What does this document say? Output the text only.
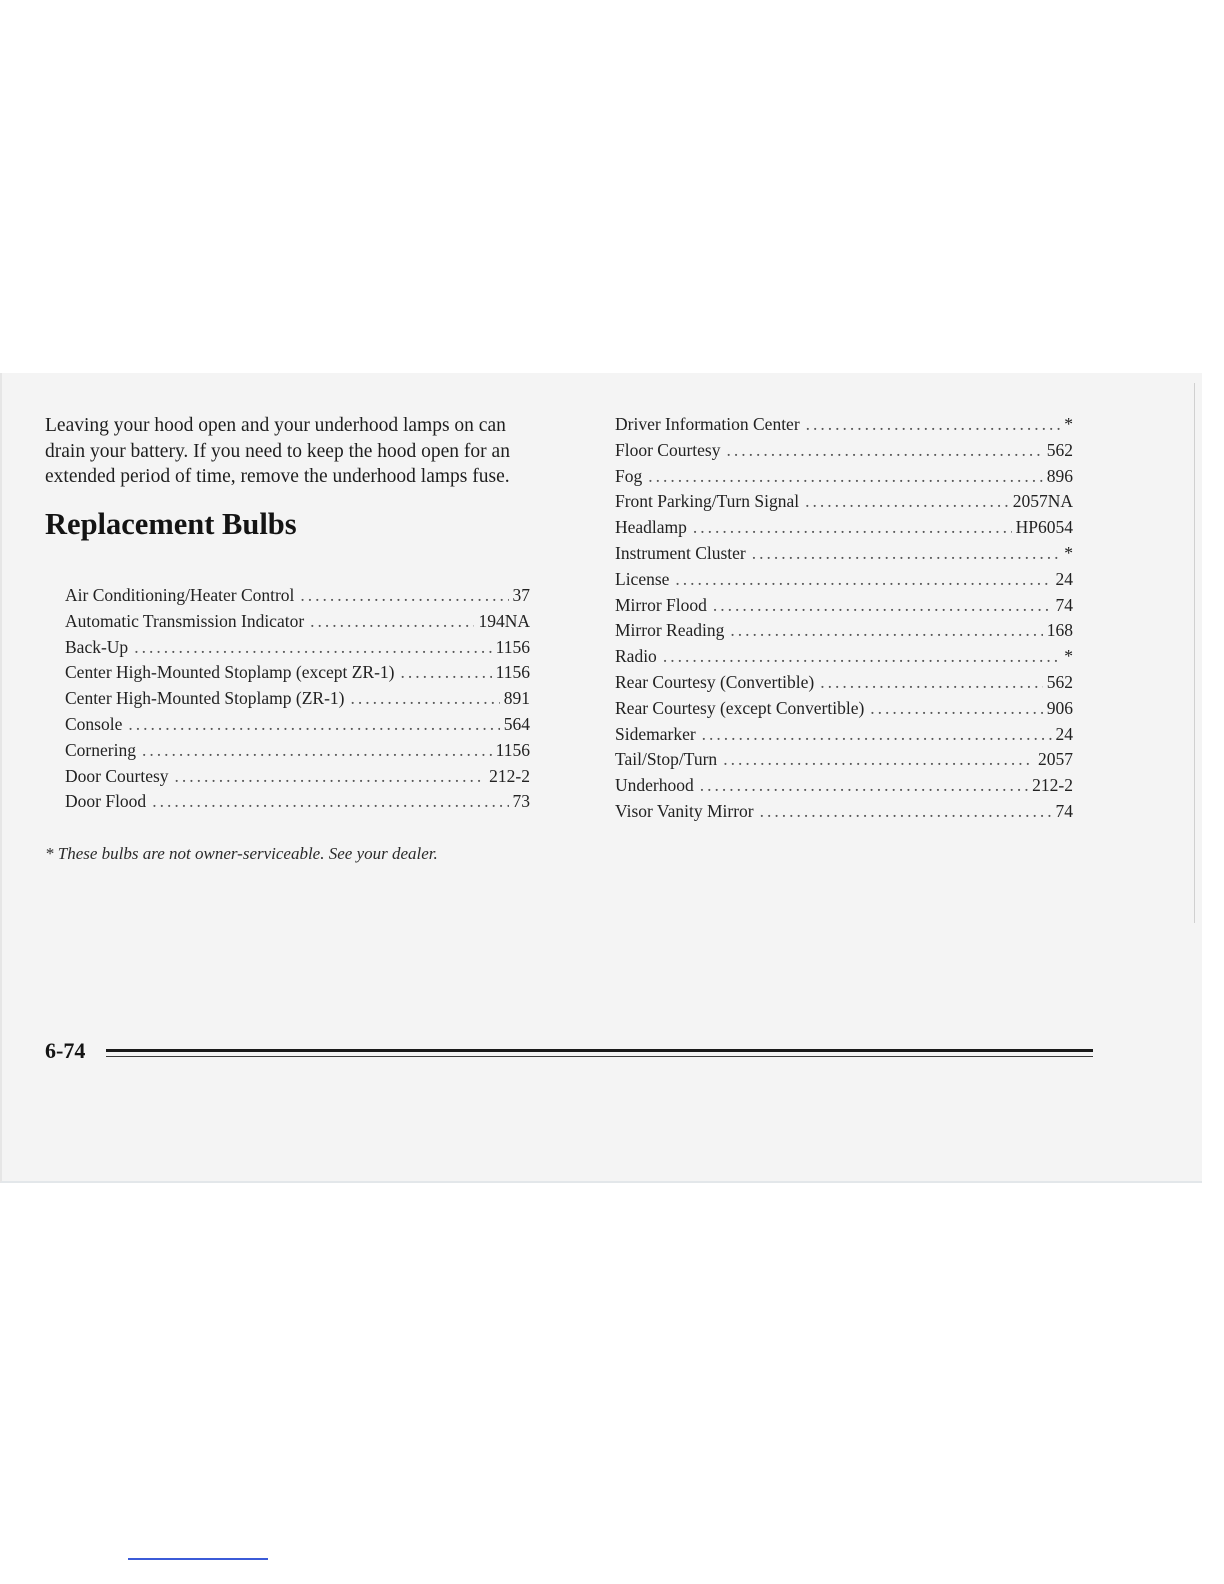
Leaving your hood open and your underhood lamps on can drain your battery. If you need to keep the hood open for an extended period of time, remove the underhood lamps fuse.

Replacement Bulbs
Air Conditioning/Heater Control .....	37
Automatic Transmission Indicator .....	194NA
Back-Up .....	1156
Center High-Mounted Stoplamp (except ZR-1) .....	1156
Center High-Mounted Stoplamp (ZR-1) .....	891
Console .....	564
Cornering .....	1156
Door Courtesy .....	212-2
Door Flood .....	73
Driver Information Center .....	*
Floor Courtesy .....	562
Fog .....	896
Front Parking/Turn Signal .....	2057NA
Headlamp .....	HP6054
Instrument Cluster .....	*
License .....	24
Mirror Flood .....	74
Mirror Reading .....	168
Radio .....	*
Rear Courtesy (Convertible) .....	562
Rear Courtesy (except Convertible) .....	906
Sidemarker .....	24
Tail/Stop/Turn .....	2057
Underhood .....	212-2
Visor Vanity Mirror .....	74

* These bulbs are not owner-serviceable. See your dealer.

6-74
